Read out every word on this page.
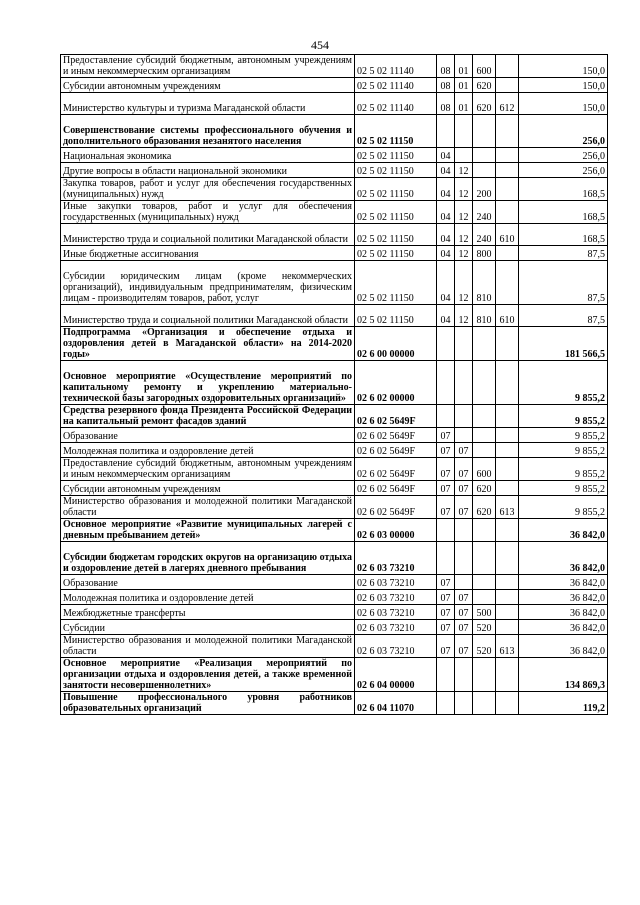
454
Предоставление субсидий бюджетным, автономным учреждениям и иным некоммерческим организациям	02 5 02 11140	08	01	600		150,0
Субсидии автономным учреждениям	02 5 02 11140	08	01	620		150,0
Министерство культуры и туризма Магаданской области	02 5 02 11140	08	01	620	612	150,0
Совершенствование системы профессионального обучения и дополнительного образования незанятого населения	02 5 02 11150					256,0
Национальная экономика	02 5 02 11150	04				256,0
Другие вопросы в области национальной экономики	02 5 02 11150	04	12			256,0
Закупка товаров, работ и услуг для обеспечения государственных (муниципальных) нужд	02 5 02 11150	04	12	200		168,5
Иные закупки товаров, работ и услуг для обеспечения государственных (муниципальных) нужд	02 5 02 11150	04	12	240		168,5
Министерство труда и социальной политики Магаданской области	02 5 02 11150	04	12	240	610	168,5
Иные бюджетные ассигнования	02 5 02 11150	04	12	800		87,5
Субсидии юридическим лицам (кроме некоммерческих организаций), индивидуальным предпринимателям, физическим лицам - производителям товаров, работ, услуг	02 5 02 11150	04	12	810		87,5
Министерство труда и социальной политики Магаданской области	02 5 02 11150	04	12	810	610	87,5
Подпрограмма «Организация и обеспечение отдыха и оздоровления детей в Магаданской области» на 2014-2020 годы»	02 6 00 00000					181 566,5
Основное мероприятие «Осуществление мероприятий по капитальному ремонту и укреплению материально-технической базы загородных оздоровительных организаций»	02 6 02 00000					9 855,2
Средства резервного фонда Президента Российской Федерации на капитальный ремонт фасадов зданий	02 6 02 5649F					9 855,2
Образование	02 6 02 5649F	07				9 855,2
Молодежная политика и оздоровление детей	02 6 02 5649F	07	07			9 855,2
Предоставление субсидий бюджетным, автономным учреждениям и иным некоммерческим организациям	02 6 02 5649F	07	07	600		9 855,2
Субсидии автономным учреждениям	02 6 02 5649F	07	07	620		9 855,2
Министерство образования и молодежной политики Магаданской области	02 6 02 5649F	07	07	620	613	9 855,2
Основное мероприятие «Развитие муниципальных лагерей с дневным пребыванием детей»	02 6 03 00000					36 842,0
Субсидии бюджетам городских округов на организацию отдыха и оздоровление детей в лагерях дневного пребывания	02 6 03 73210					36 842,0
Образование	02 6 03 73210	07				36 842,0
Молодежная политика и оздоровление детей	02 6 03 73210	07	07			36 842,0
Межбюджетные трансферты	02 6 03 73210	07	07	500		36 842,0
Субсидии	02 6 03 73210	07	07	520		36 842,0
Министерство образования и молодежной политики Магаданской области	02 6 03 73210	07	07	520	613	36 842,0
Основное мероприятие «Реализация мероприятий по организации отдыха и оздоровления детей, а также временной занятости несовершеннолетних»	02 6 04 00000					134 869,3
Повышение профессионального уровня работников образовательных организаций	02 6 04 11070					119,2
